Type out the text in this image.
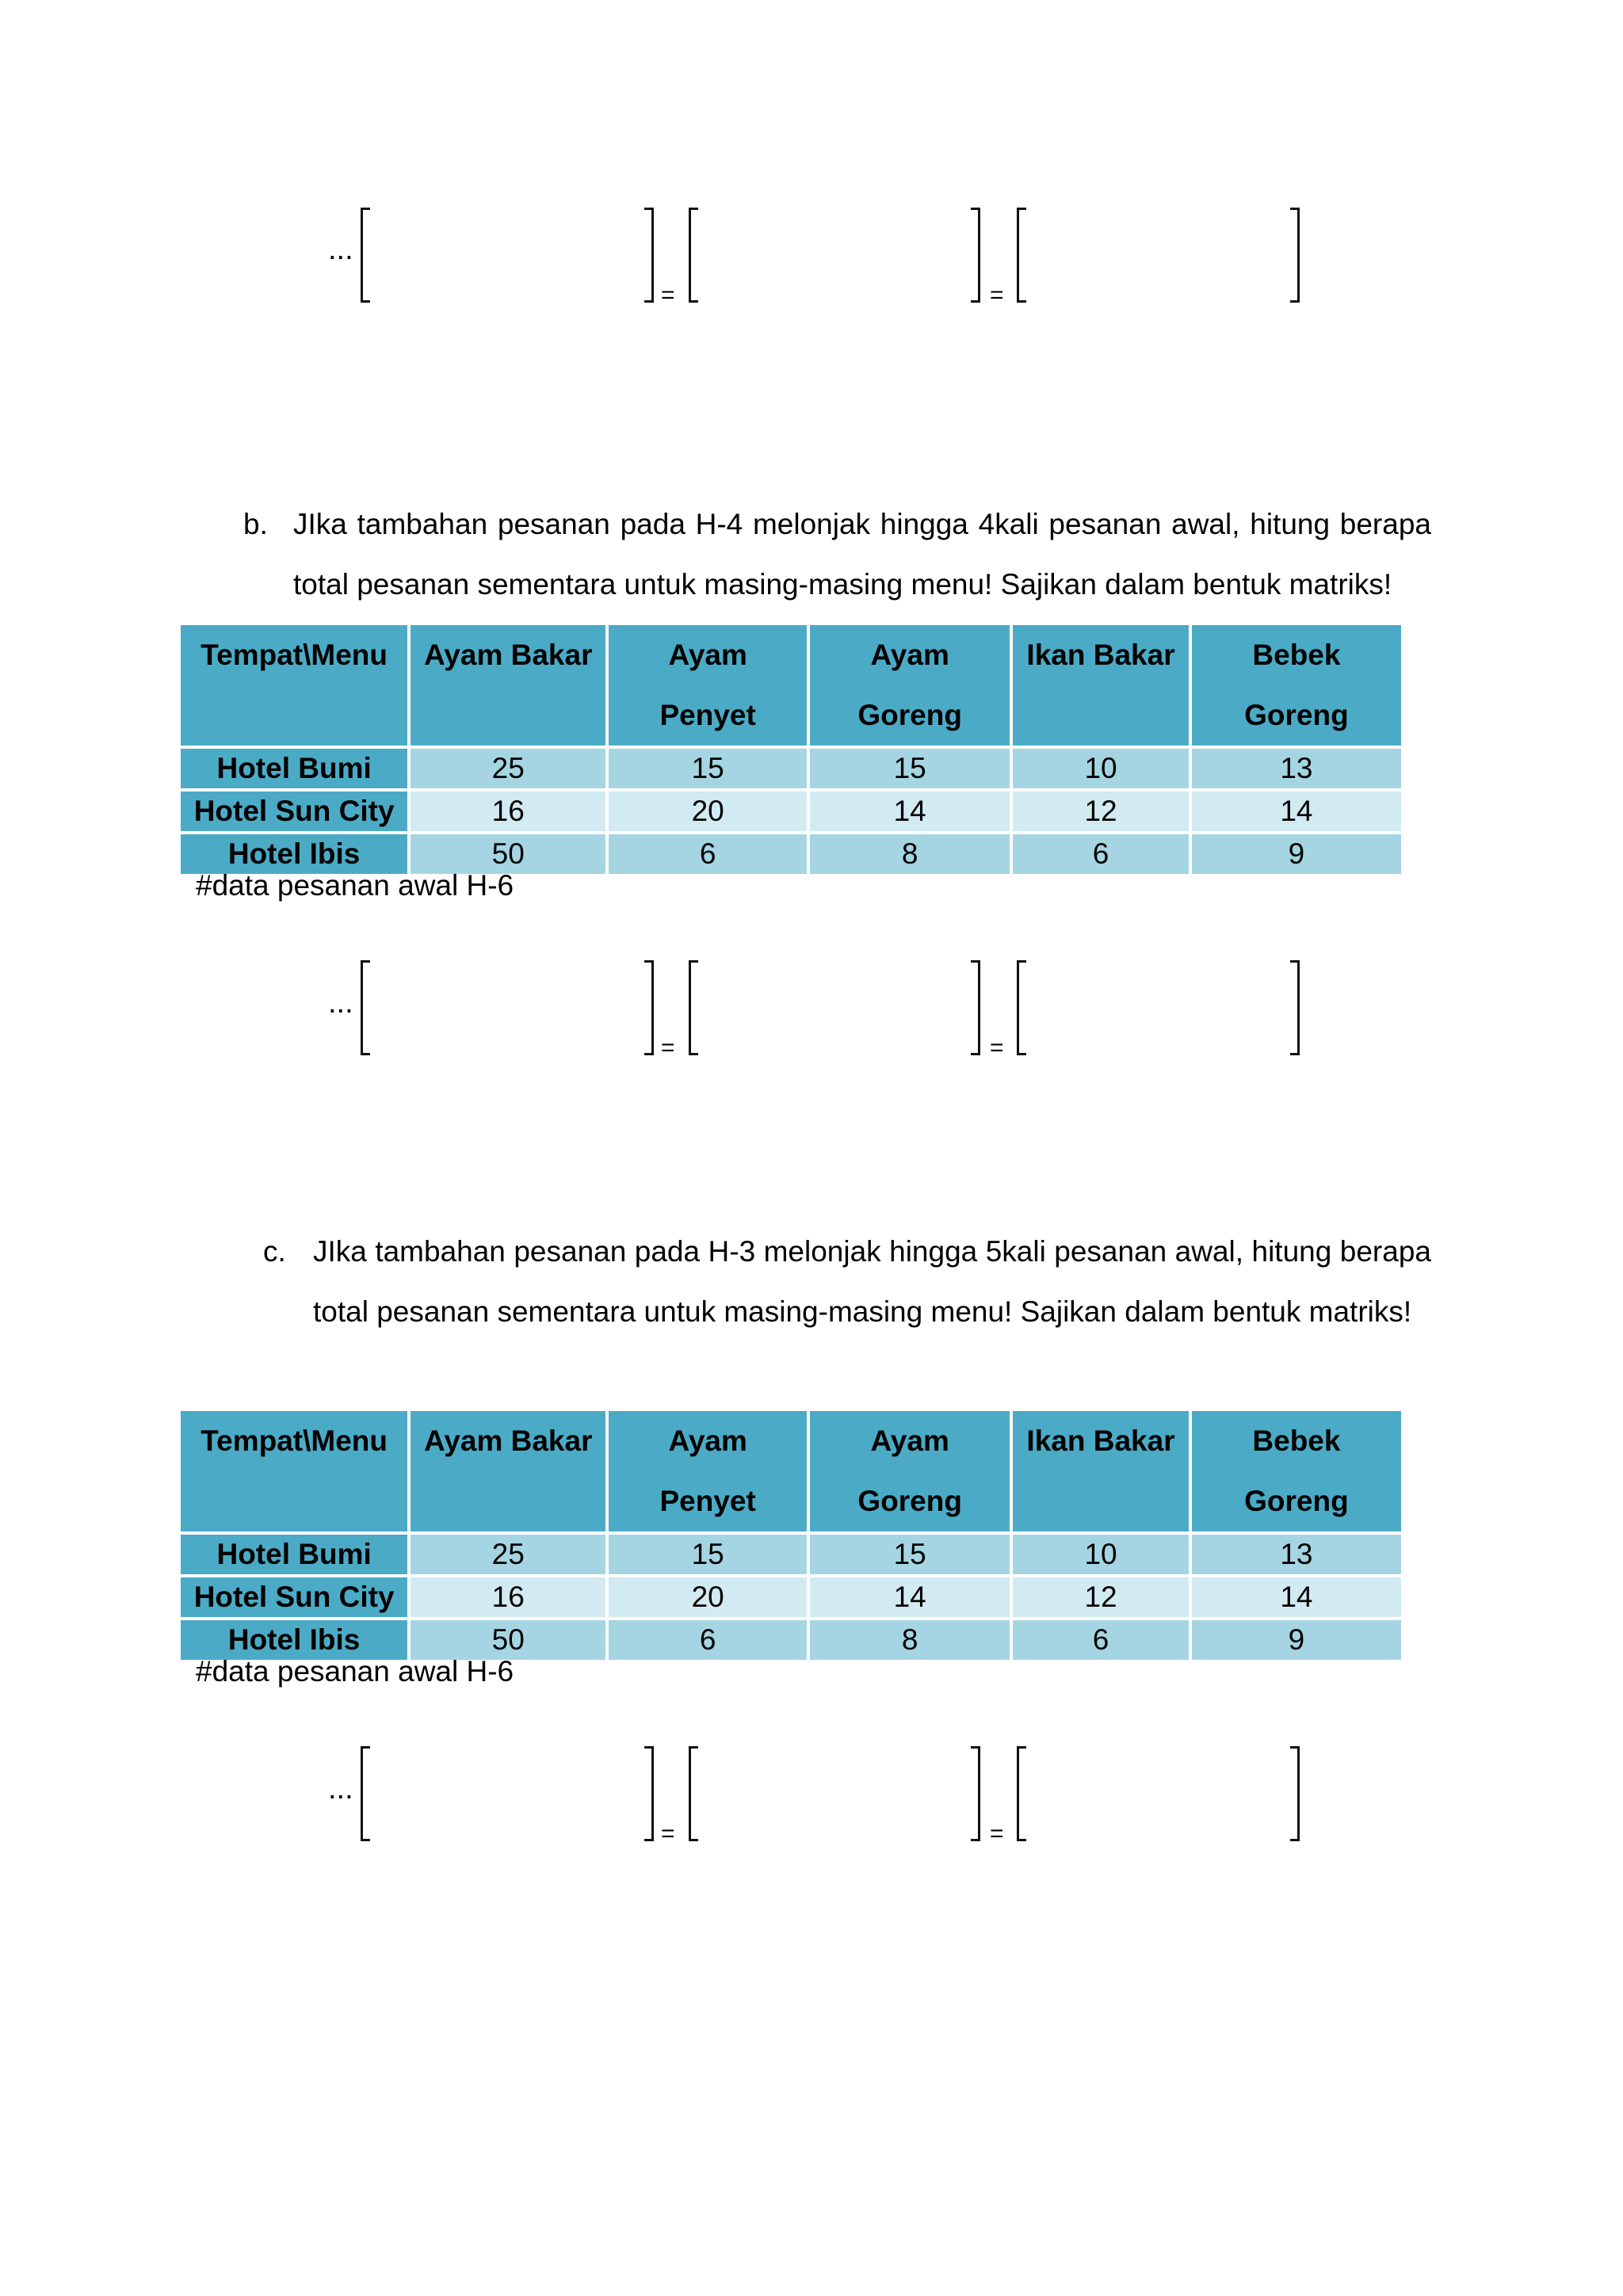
...
=	=
b. JIka tambahan pesanan pada H-4 melonjak hingga 4kali pesanan awal, hitung berapa total pesanan sementara untuk masing-masing menu! Sajikan dalam bentuk matriks!
Tempat\Menu	Ayam Bakar	Ayam Penyet	Ayam Goreng	Ikan Bakar	Bebek Goreng
Hotel Bumi	25	15	15	10	13
Hotel Sun City	16	20	14	12	14
Hotel Ibis	50	6	8	6	9
#data pesanan awal H-6
...
=	=
c. JIka tambahan pesanan pada H-3 melonjak hingga 5kali pesanan awal, hitung berapa total pesanan sementara untuk masing-masing menu! Sajikan dalam bentuk matriks!
Tempat\Menu	Ayam Bakar	Ayam Penyet	Ayam Goreng	Ikan Bakar	Bebek Goreng
Hotel Bumi	25	15	15	10	13
Hotel Sun City	16	20	14	12	14
Hotel Ibis	50	6	8	6	9
#data pesanan awal H-6
...
=	=
